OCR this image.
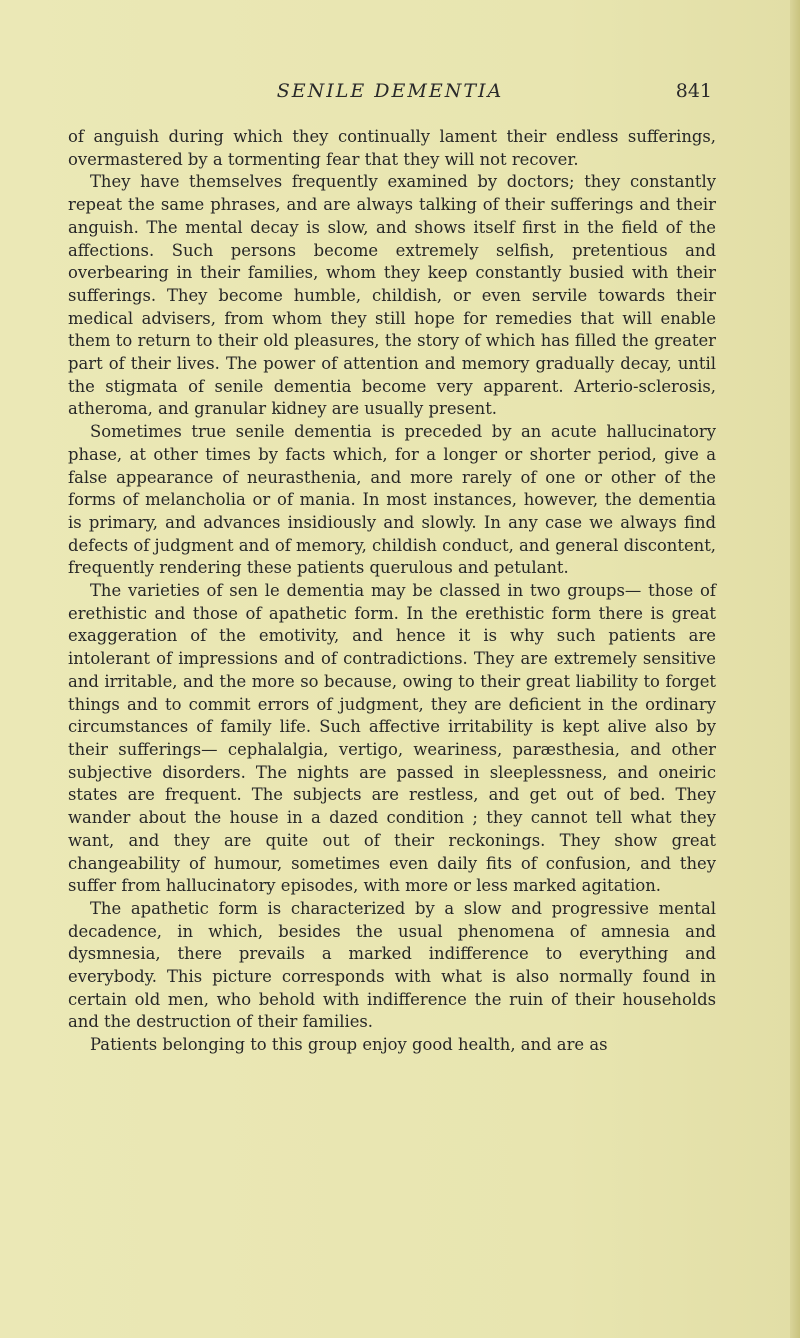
SENILE DEMENTIA	841

of anguish during which they continually lament their endless sufferings, overmastered by a tormenting fear that they will not recover.

They have themselves frequently examined by doctors; they constantly repeat the same phrases, and are always talking of their sufferings and their anguish. The mental decay is slow, and shows itself first in the field of the affections. Such persons become extremely selfish, pretentious and overbearing in their families, whom they keep constantly busied with their sufferings. They become humble, childish, or even servile towards their medical advisers, from whom they still hope for remedies that will enable them to return to their old pleasures, the story of which has filled the greater part of their lives. The power of attention and memory gradually decay, until the stigmata of senile dementia become very apparent. Arterio-sclerosis, atheroma, and granular kidney are usually present.

Sometimes true senile dementia is preceded by an acute hallucinatory phase, at other times by facts which, for a longer or shorter period, give a false appearance of neurasthenia, and more rarely of one or other of the forms of melancholia or of mania. In most instances, however, the dementia is primary, and advances insidiously and slowly. In any case we always find defects of judgment and of memory, childish conduct, and general discontent, frequently rendering these patients querulous and petulant.

The varieties of sen le dementia may be classed in two groups— those of erethistic and those of apathetic form. In the erethistic form there is great exaggeration of the emotivity, and hence it is why such patients are intolerant of impressions and of contradictions. They are extremely sensitive and irritable, and the more so because, owing to their great liability to forget things and to commit errors of judgment, they are deficient in the ordinary circumstances of family life. Such affective irritability is kept alive also by their sufferings— cephalalgia, vertigo, weariness, paræsthesia, and other subjective disorders. The nights are passed in sleeplessness, and oneiric states are frequent. The subjects are restless, and get out of bed. They wander about the house in a dazed condition ; they cannot tell what they want, and they are quite out of their reckonings. They show great changeability of humour, sometimes even daily fits of confusion, and they suffer from hallucinatory episodes, with more or less marked agitation.

The apathetic form is characterized by a slow and progressive mental decadence, in which, besides the usual phenomena of amnesia and dysmnesia, there prevails a marked indifference to everything and everybody. This picture corresponds with what is also normally found in certain old men, who behold with indifference the ruin of their households and the destruction of their families.

Patients belonging to this group enjoy good health, and are as
